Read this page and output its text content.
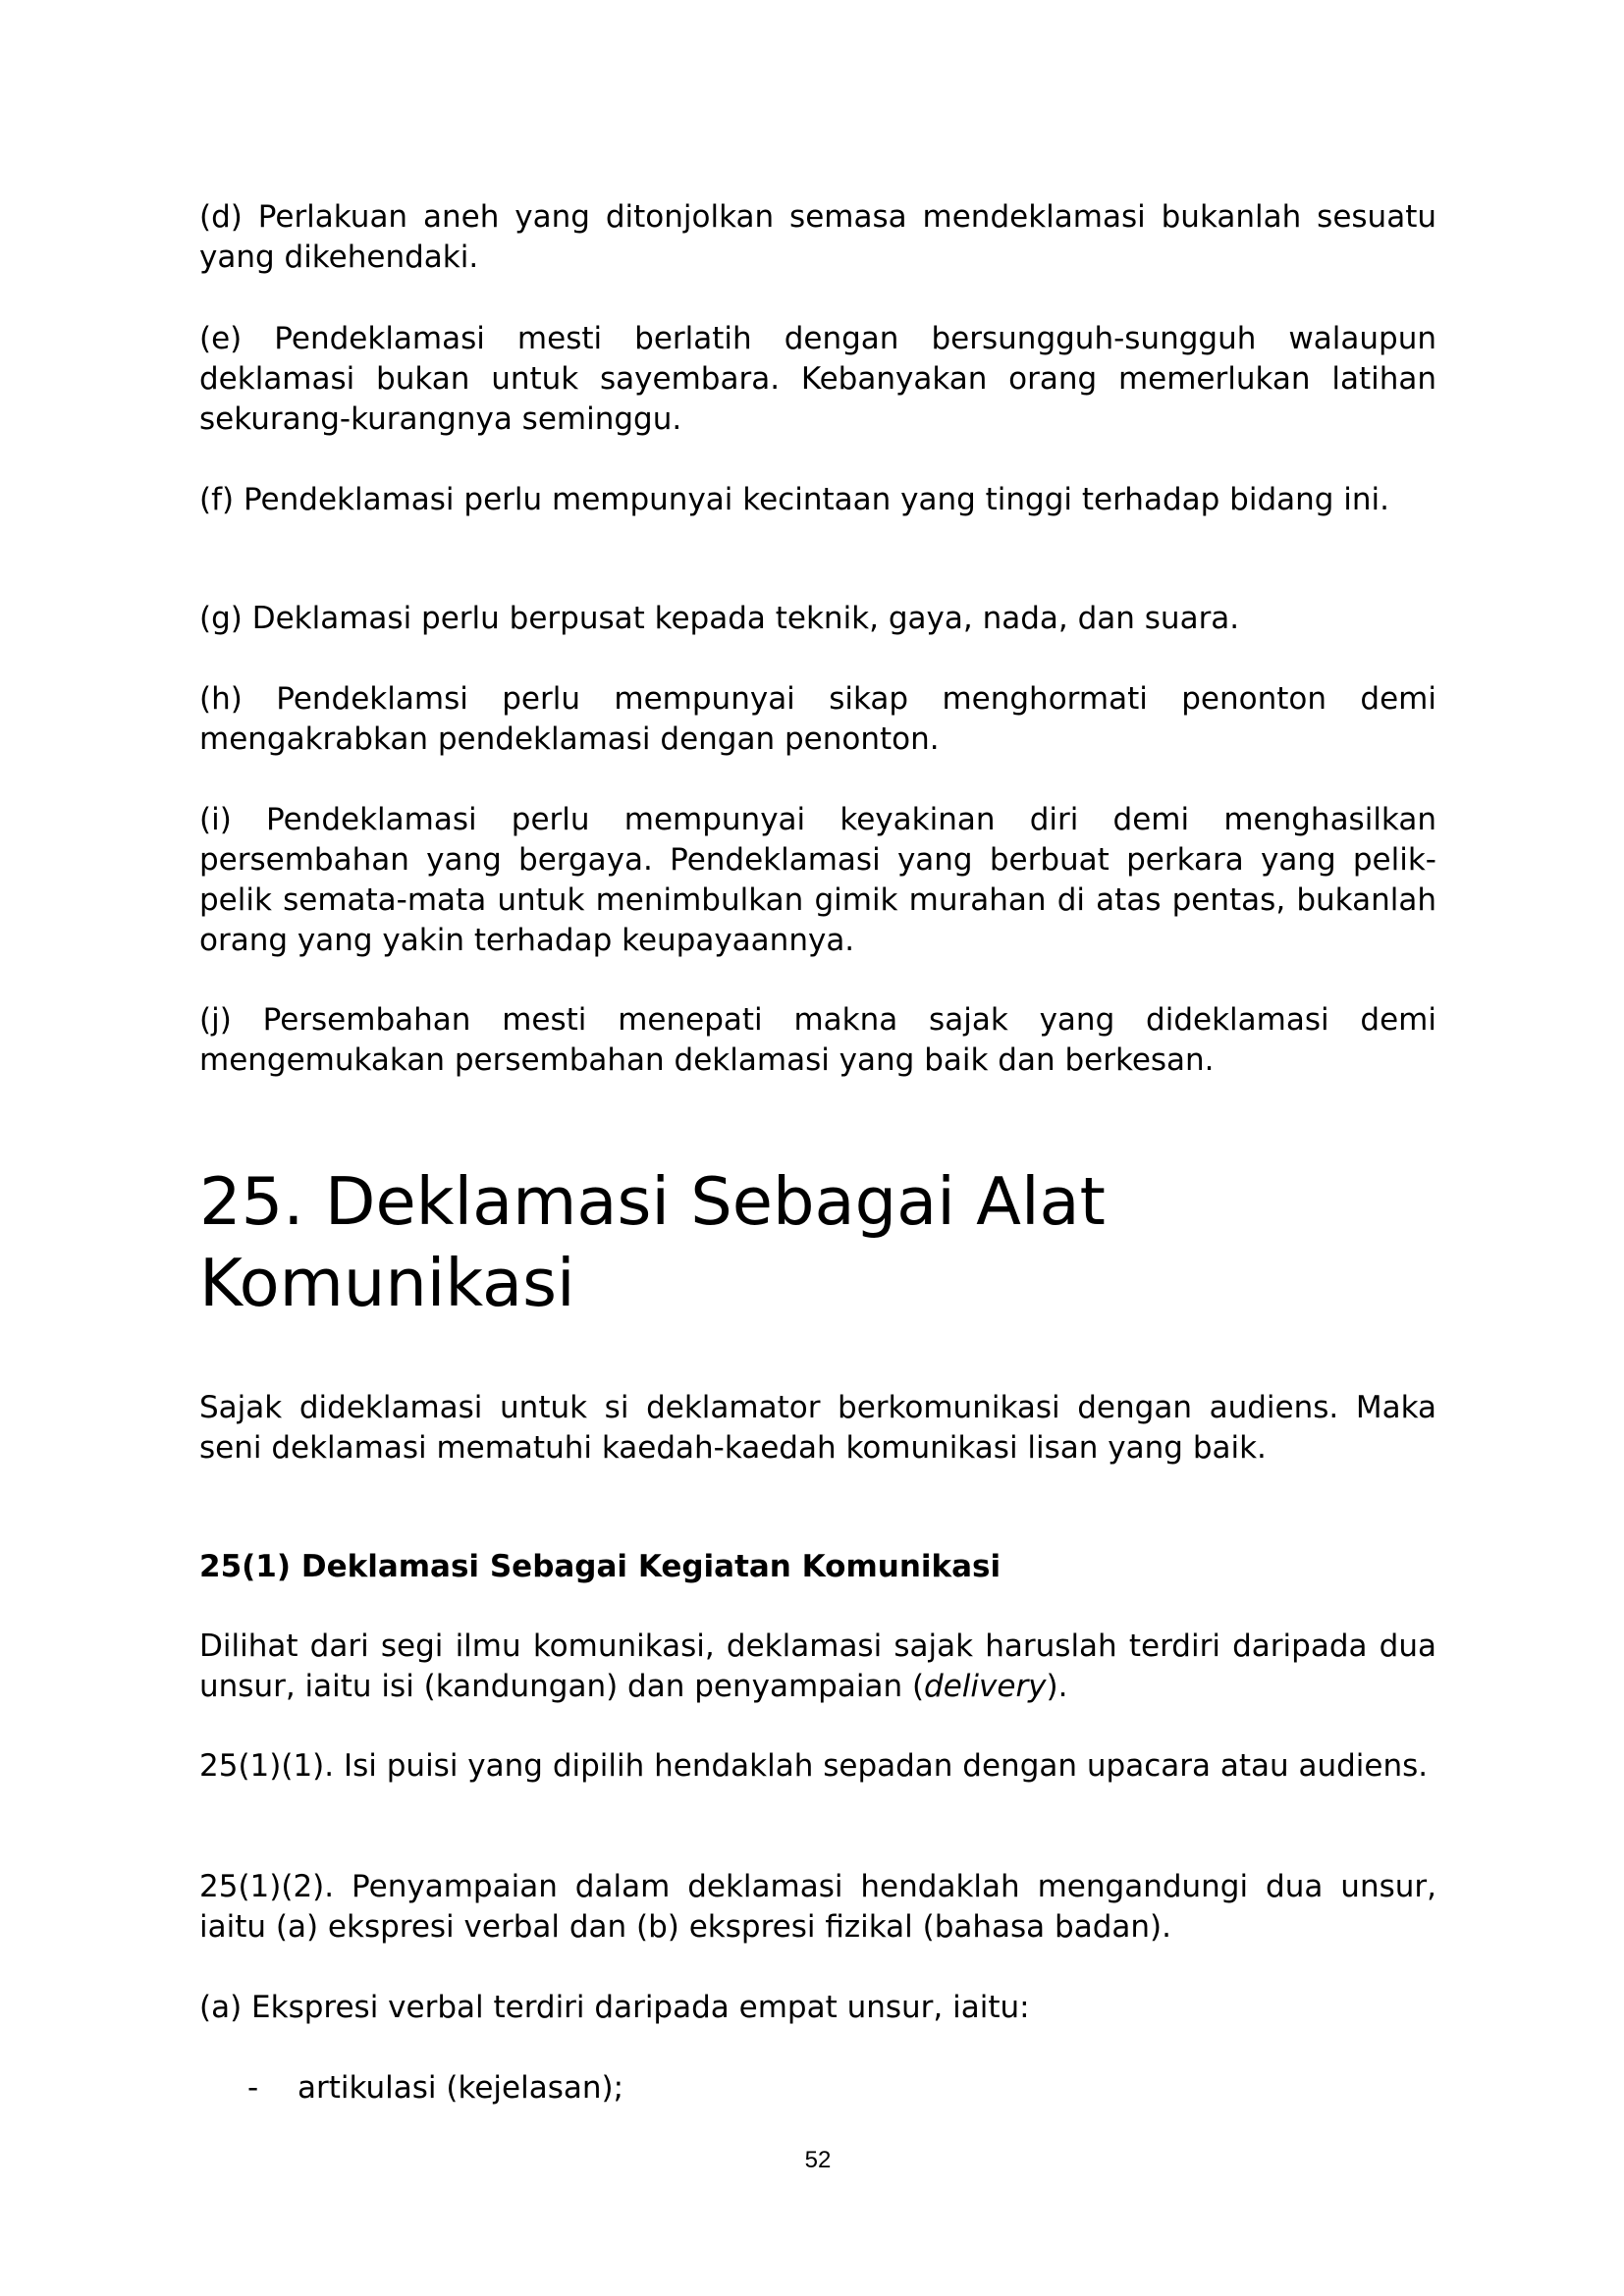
(d) Perlakuan aneh yang ditonjolkan semasa mendeklamasi bukanlah sesuatu yang dikehendaki.

(e) Pendeklamasi mesti berlatih dengan bersungguh-sungguh walaupun deklamasi bukan untuk sayembara. Kebanyakan orang memerlukan latihan sekurang-kurangnya seminggu.

(f) Pendeklamasi perlu mempunyai kecintaan yang tinggi terhadap bidang ini.

(g) Deklamasi perlu berpusat kepada teknik, gaya, nada, dan suara.

(h) Pendeklamsi perlu mempunyai sikap menghormati penonton demi mengakrabkan pendeklamasi dengan penonton.

(i) Pendeklamasi perlu mempunyai keyakinan diri demi menghasilkan persembahan yang bergaya. Pendeklamasi yang berbuat perkara yang pelik-pelik semata-mata untuk menimbulkan gimik murahan di atas pentas, bukanlah orang yang yakin terhadap keupayaannya.

(j) Persembahan mesti menepati makna sajak yang dideklamasi demi mengemukakan persembahan deklamasi yang baik dan berkesan.

25. Deklamasi Sebagai Alat Komunikasi

Sajak dideklamasi untuk si deklamator berkomunikasi dengan audiens. Maka seni deklamasi mematuhi kaedah-kaedah komunikasi lisan yang baik.

25(1) Deklamasi Sebagai Kegiatan Komunikasi

Dilihat dari segi ilmu komunikasi, deklamasi sajak haruslah terdiri daripada dua unsur, iaitu isi (kandungan) dan penyampaian (delivery).

25(1)(1). Isi puisi yang dipilih hendaklah sepadan dengan upacara atau audiens.

25(1)(2). Penyampaian dalam deklamasi hendaklah mengandungi dua unsur, iaitu (a) ekspresi verbal dan (b) ekspresi fizikal (bahasa badan).

(a) Ekspresi verbal terdiri daripada empat unsur, iaitu:

- artikulasi (kejelasan);
52
